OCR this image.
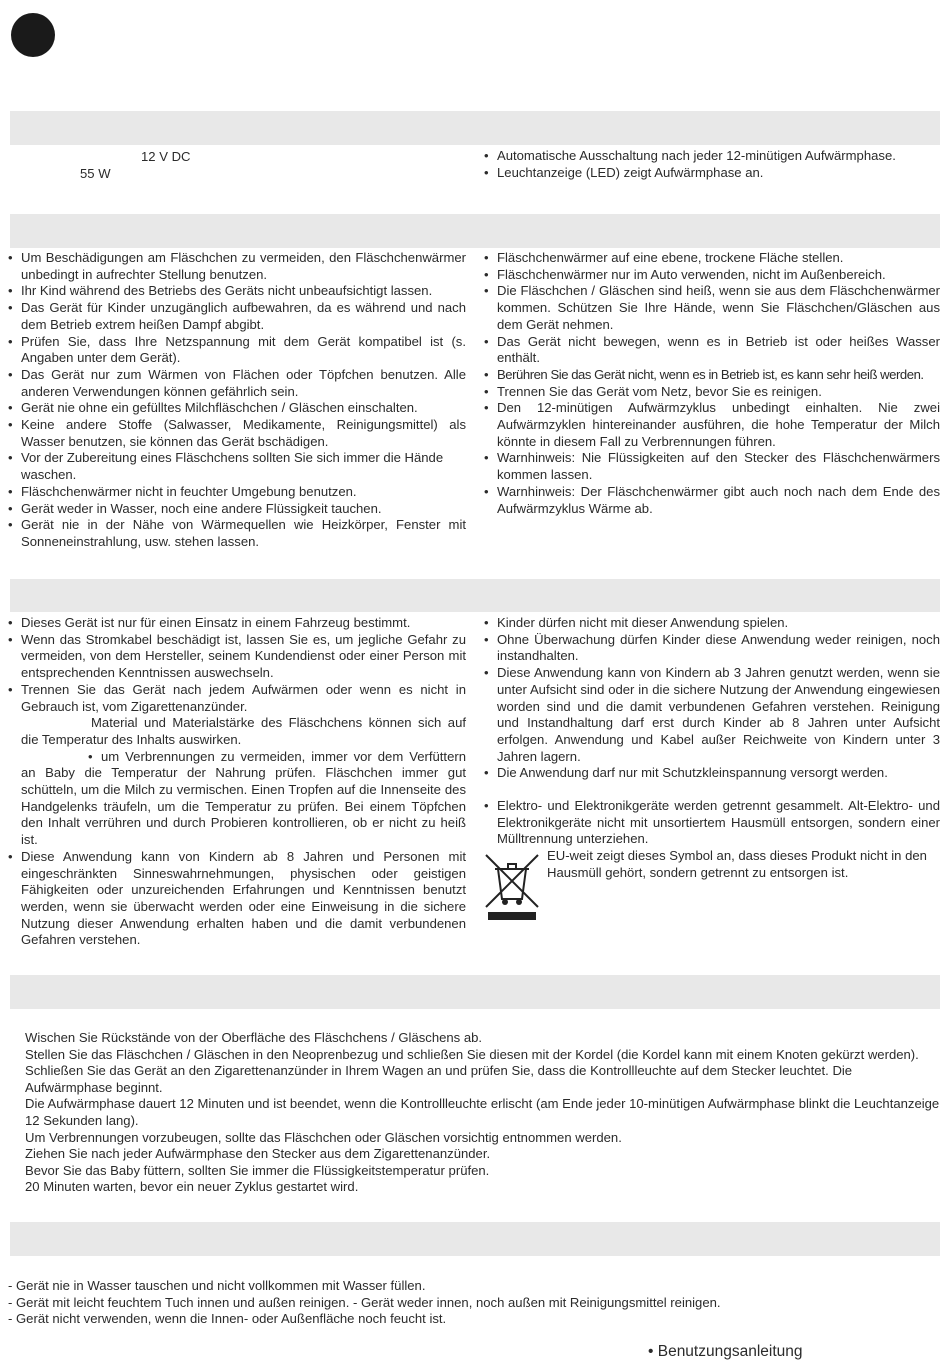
12 V DC
55 W
• Automatische Ausschaltung nach jeder 12-minütigen Aufwärmphase.
• Leuchtanzeige (LED) zeigt Aufwärmphase an.
• Um Beschädigungen am Fläschchen zu vermeiden, den Fläschchenwärmer unbedingt in aufrechter Stellung benutzen.
• Ihr Kind während des Betriebs des Geräts nicht unbeaufsichtigt lassen.
• Das Gerät für Kinder unzugänglich aufbewahren, da es während und nach dem Betrieb extrem heißen Dampf abgibt.
• Prüfen Sie, dass Ihre Netzspannung mit dem Gerät kompatibel ist (s. Angaben unter dem Gerät).
• Das Gerät nur zum Wärmen von Flächen oder Töpfchen benutzen. Alle anderen Verwendungen können gefährlich sein.
• Gerät nie ohne ein gefülltes Milchfläschchen / Gläschen einschalten.
• Keine andere Stoffe (Salwasser, Medikamente, Reinigungsmittel) als Wasser benutzen, sie können das Gerät bschädigen.
• Vor der Zubereitung eines Fläschchens sollten Sie sich immer die Hände waschen.
• Fläschchenwärmer nicht in feuchter Umgebung benutzen.
• Gerät weder in Wasser, noch eine andere Flüssigkeit tauchen.
• Gerät nie in der Nähe von Wärmequellen wie Heizkörper, Fenster mit Sonneneinstrahlung, usw. stehen lassen.
• Fläschchenwärmer auf eine ebene, trockene Fläche stellen.
• Fläschchenwärmer nur im Auto verwenden, nicht im Außenbereich.
• Die Fläschchen / Gläschen sind heiß, wenn sie aus dem Fläschchenwärmer kommen. Schützen Sie Ihre Hände, wenn Sie Fläschchen/Gläschen aus dem Gerät nehmen.
• Das Gerät nicht bewegen, wenn es in Betrieb ist oder heißes Wasser enthält.
• Berühren Sie das Gerät nicht, wenn es in Betrieb ist, es kann sehr heiß werden.
• Trennen Sie das Gerät vom Netz, bevor Sie es reinigen.
• Den 12-minütigen Aufwärmzyklus unbedingt einhalten. Nie zwei Aufwärmzyklen hintereinander ausführen, die hohe Temperatur der Milch könnte in diesem Fall zu Verbrennungen führen.
• Warnhinweis: Nie Flüssigkeiten auf den Stecker des Fläschchenwärmers kommen lassen.
• Warnhinweis: Der Fläschchenwärmer gibt auch noch nach dem Ende des Aufwärmzyklus Wärme ab.
• Dieses Gerät ist nur für einen Einsatz in einem Fahrzeug bestimmt.
• Wenn das Stromkabel beschädigt ist, lassen Sie es, um jegliche Gefahr zu vermeiden, von dem Hersteller, seinem Kundendienst oder einer Person mit entsprechenden Kenntnissen auswechseln.
• Trennen Sie das Gerät nach jedem Aufwärmen oder wenn es nicht in Gebrauch ist, vom Zigarettenanzünder.
Material und Materialstärke des Fläschchens können sich auf die Temperatur des Inhalts auswirken.
• um Verbrennungen zu vermeiden, immer vor dem Verfüttern an Baby die Temperatur der Nahrung prüfen. Fläschchen immer gut schütteln, um die Milch zu vermischen. Einen Tropfen auf die Innenseite des Handgelenks träufeln, um die Temperatur zu prüfen. Bei einem Töpfchen den Inhalt verrühren und durch Probieren kontrollieren, ob er nicht zu heiß ist.
• Diese Anwendung kann von Kindern ab 8 Jahren und Personen mit eingeschränkten Sinneswahrnehmungen, physischen oder geistigen Fähigkeiten oder unzureichenden Erfahrungen und Kenntnissen benutzt werden, wenn sie überwacht werden oder eine Einweisung in die sichere Nutzung dieser Anwendung erhalten haben und die damit verbundenen Gefahren verstehen.
• Kinder dürfen nicht mit dieser Anwendung spielen.
• Ohne Überwachung dürfen Kinder diese Anwendung weder reinigen, noch instandhalten.
• Diese Anwendung kann von Kindern ab 3 Jahren genutzt werden, wenn sie unter Aufsicht sind oder in die sichere Nutzung der Anwendung eingewiesen worden sind und die damit verbundenen Gefahren verstehen. Reinigung und Instandhaltung darf erst durch Kinder ab 8 Jahren unter Aufsicht erfolgen. Anwendung und Kabel außer Reichweite von Kindern unter 3 Jahren lagern.
• Die Anwendung darf nur mit Schutzkleinspannung versorgt werden.
• Elektro- und Elektronikgeräte werden getrennt gesammelt. Alt-Elektro- und Elektronikgeräte nicht mit unsortiertem Hausmüll entsorgen, sondern einer Mülltrennung unterziehen.
EU-weit zeigt dieses Symbol an, dass dieses Produkt nicht in den Hausmüll gehört, sondern getrennt zu entsorgen ist.
Wischen Sie Rückstände von der Oberfläche des Fläschchens / Gläschens ab.
Stellen Sie das Fläschchen / Gläschen in den Neoprenbezug und schließen Sie diesen mit der Kordel (die Kordel kann mit einem Knoten gekürzt werden).
Schließen Sie das Gerät an den Zigarettenanzünder in Ihrem Wagen an und prüfen Sie, dass die Kontrollleuchte auf dem Stecker leuchtet. Die Aufwärmphase beginnt.
Die Aufwärmphase dauert 12 Minuten und ist beendet, wenn die Kontrollleuchte erlischt (am Ende jeder 10-minütigen Aufwärmphase blinkt die Leuchtanzeige 12 Sekunden lang).
Um Verbrennungen vorzubeugen, sollte das Fläschchen oder Gläschen vorsichtig entnommen werden.
Ziehen Sie nach jeder Aufwärmphase den Stecker aus dem Zigarettenanzünder.
Bevor Sie das Baby füttern, sollten Sie immer die Flüssigkeitstemperatur prüfen.
20 Minuten warten, bevor ein neuer Zyklus gestartet wird.
- Gerät nie in Wasser tauschen und nicht vollkommen mit Wasser füllen.
- Gerät mit leicht feuchtem Tuch innen und außen reinigen. - Gerät weder innen, noch außen mit Reinigungsmittel reinigen.
- Gerät nicht verwenden, wenn die Innen- oder Außenfläche noch feucht ist.
• Benutzungsanleitung
